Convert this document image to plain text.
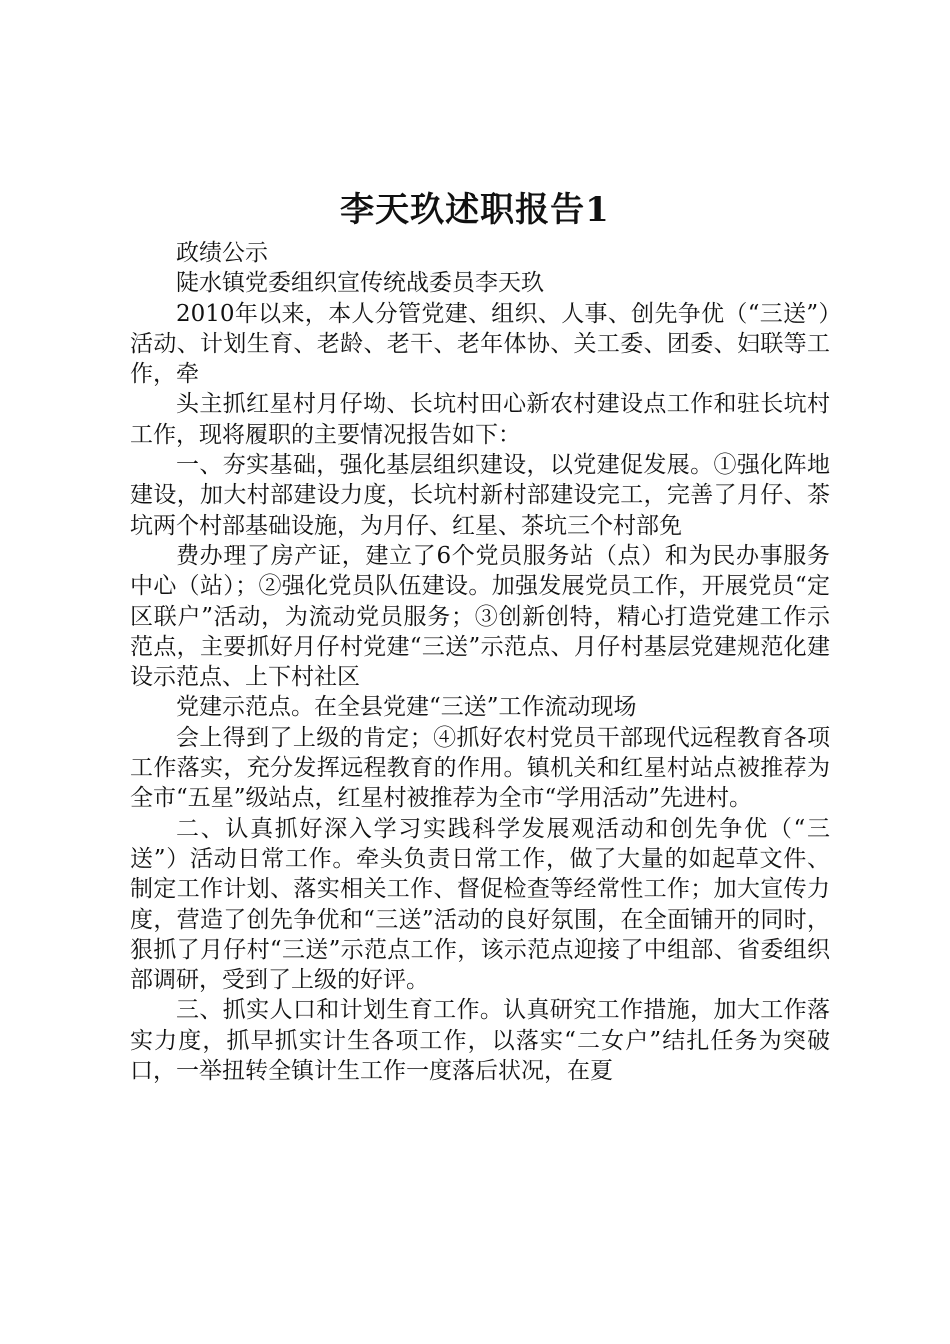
李天玖述职报告1

政绩公示

陡水镇党委组织宣传统战委员李天玖

2010年以来，本人分管党建、组织、人事、创先争优（“三送”）活动、计划生育、老龄、老干、老年体协、关工委、团委、妇联等工作，牵

头主抓红星村月仔坳、长坑村田心新农村建设点工作和驻长坑村工作，现将履职的主要情况报告如下：

一、夯实基础，强化基层组织建设，以党建促发展。①强化阵地建设，加大村部建设力度，长坑村新村部建设完工，完善了月仔、茶坑两个村部基础设施，为月仔、红星、茶坑三个村部免

费办理了房产证，建立了6个党员服务站（点）和为民办事服务中心（站）；②强化党员队伍建设。加强发展党员工作，开展党员“定区联户”活动，为流动党员服务；③创新创特，精心打造党建工作示范点，主要抓好月仔村党建“三送”示范点、月仔村基层党建规范化建设示范点、上下村社区

党建示范点。在全县党建“三送”工作流动现场

会上得到了上级的肯定；④抓好农村党员干部现代远程教育各项工作落实，充分发挥远程教育的作用。镇机关和红星村站点被推荐为全市“五星”级站点，红星村被推荐为全市“学用活动”先进村。

二、认真抓好深入学习实践科学发展观活动和创先争优（“三送”）活动日常工作。牵头负责日常工作，做了大量的如起草文件、制定工作计划、落实相关工作、督促检查等经常性工作；加大宣传力度，营造了创先争优和“三送”活动的良好氛围，在全面铺开的同时，狠抓了月仔村“三送”示范点工作，该示范点迎接了中组部、省委组织部调研，受到了上级的好评。

三、抓实人口和计划生育工作。认真研究工作措施，加大工作落实力度，抓早抓实计生各项工作，以落实“二女户”结扎任务为突破口，一举扭转全镇计生工作一度落后状况，在夏
